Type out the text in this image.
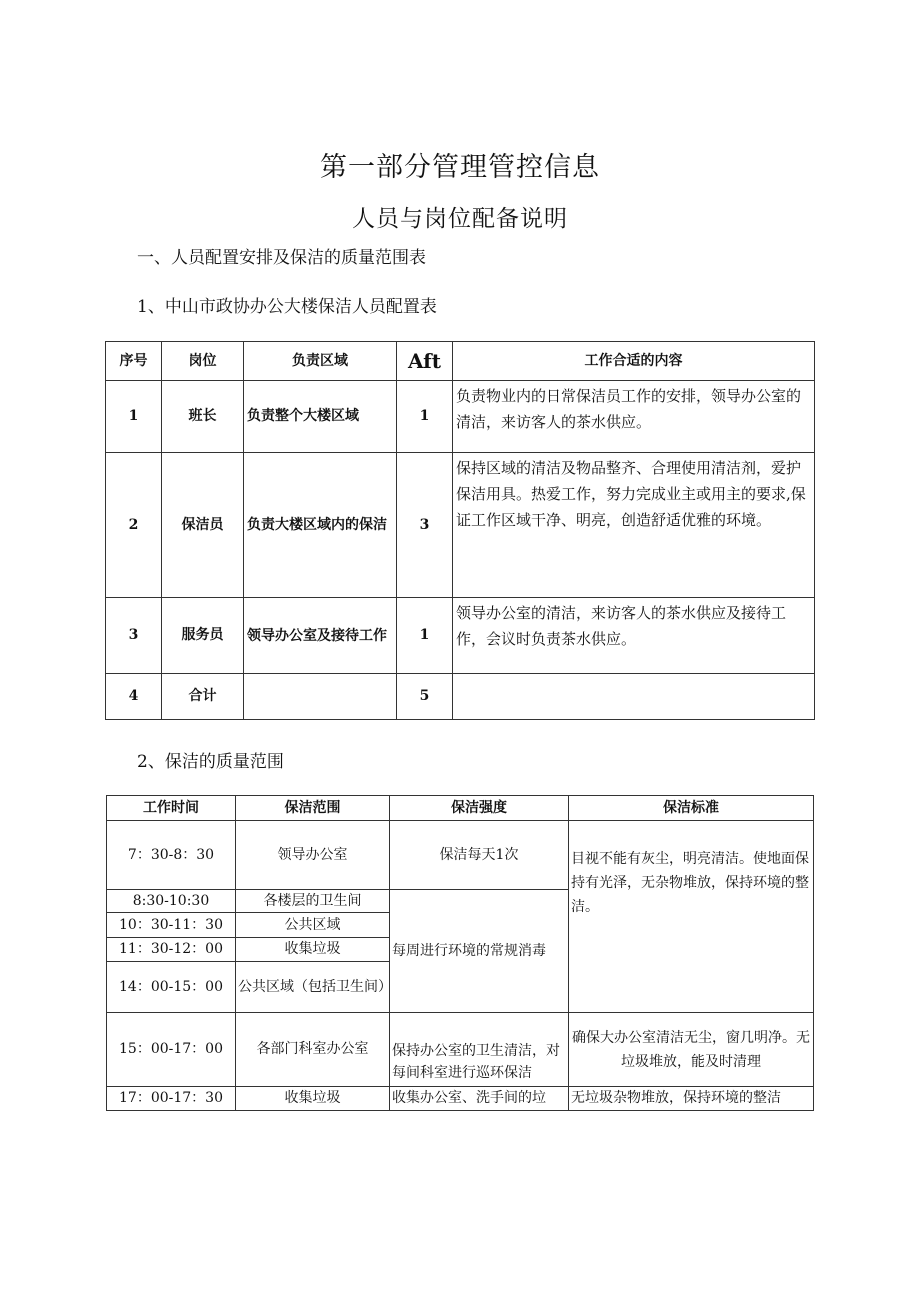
第一部分管理管控信息
人员与岗位配备说明
一、人员配置安排及保洁的质量范围表
1、中山市政协办公大楼保洁人员配置表
序号	岗位	负责区域	Aft	工作合适的内容
1	班长	负责整个大楼区域	1	负责物业内的日常保洁员工作的安排，领导办公室的清洁，来访客人的茶水供应。
2	保洁员	负责大楼区域内的保洁	3	保持区域的清洁及物品整齐、合理使用清洁剂，爱护保洁用具。热爱工作，努力完成业主或用主的要求,保证工作区域干净、明亮，创造舒适优雅的环境。
3	服务员	领导办公室及接待工作	1	领导办公室的清洁，来访客人的茶水供应及接待工作，会议时负责茶水供应。
4	合计		5	
2、保洁的质量范围
工作时间	保洁范围	保洁强度	保洁标准
7：30-8：30	领导办公室	保洁每天1次	目视不能有灰尘，明亮清洁。使地面保持有光泽，无杂物堆放，保持环境的整洁。

8:30-10:30	各楼层的卫生间	每周进行环境的常规消毒	
10：30-11：30	公共区域		
11：30-12：00	收集垃圾		
14：00-15：00	公共区域（包括卫生间）		
15：00-17：00	各部门科室办公室	保持办公室的卫生清洁，对每间科室进行巡环保洁	确保大办公室清洁无尘，窗几明净。无垃圾堆放，能及时清理
17：00-17：30	收集垃圾	收集办公室、洗手间的垃	无垃圾杂物堆放，保持环境的整洁
